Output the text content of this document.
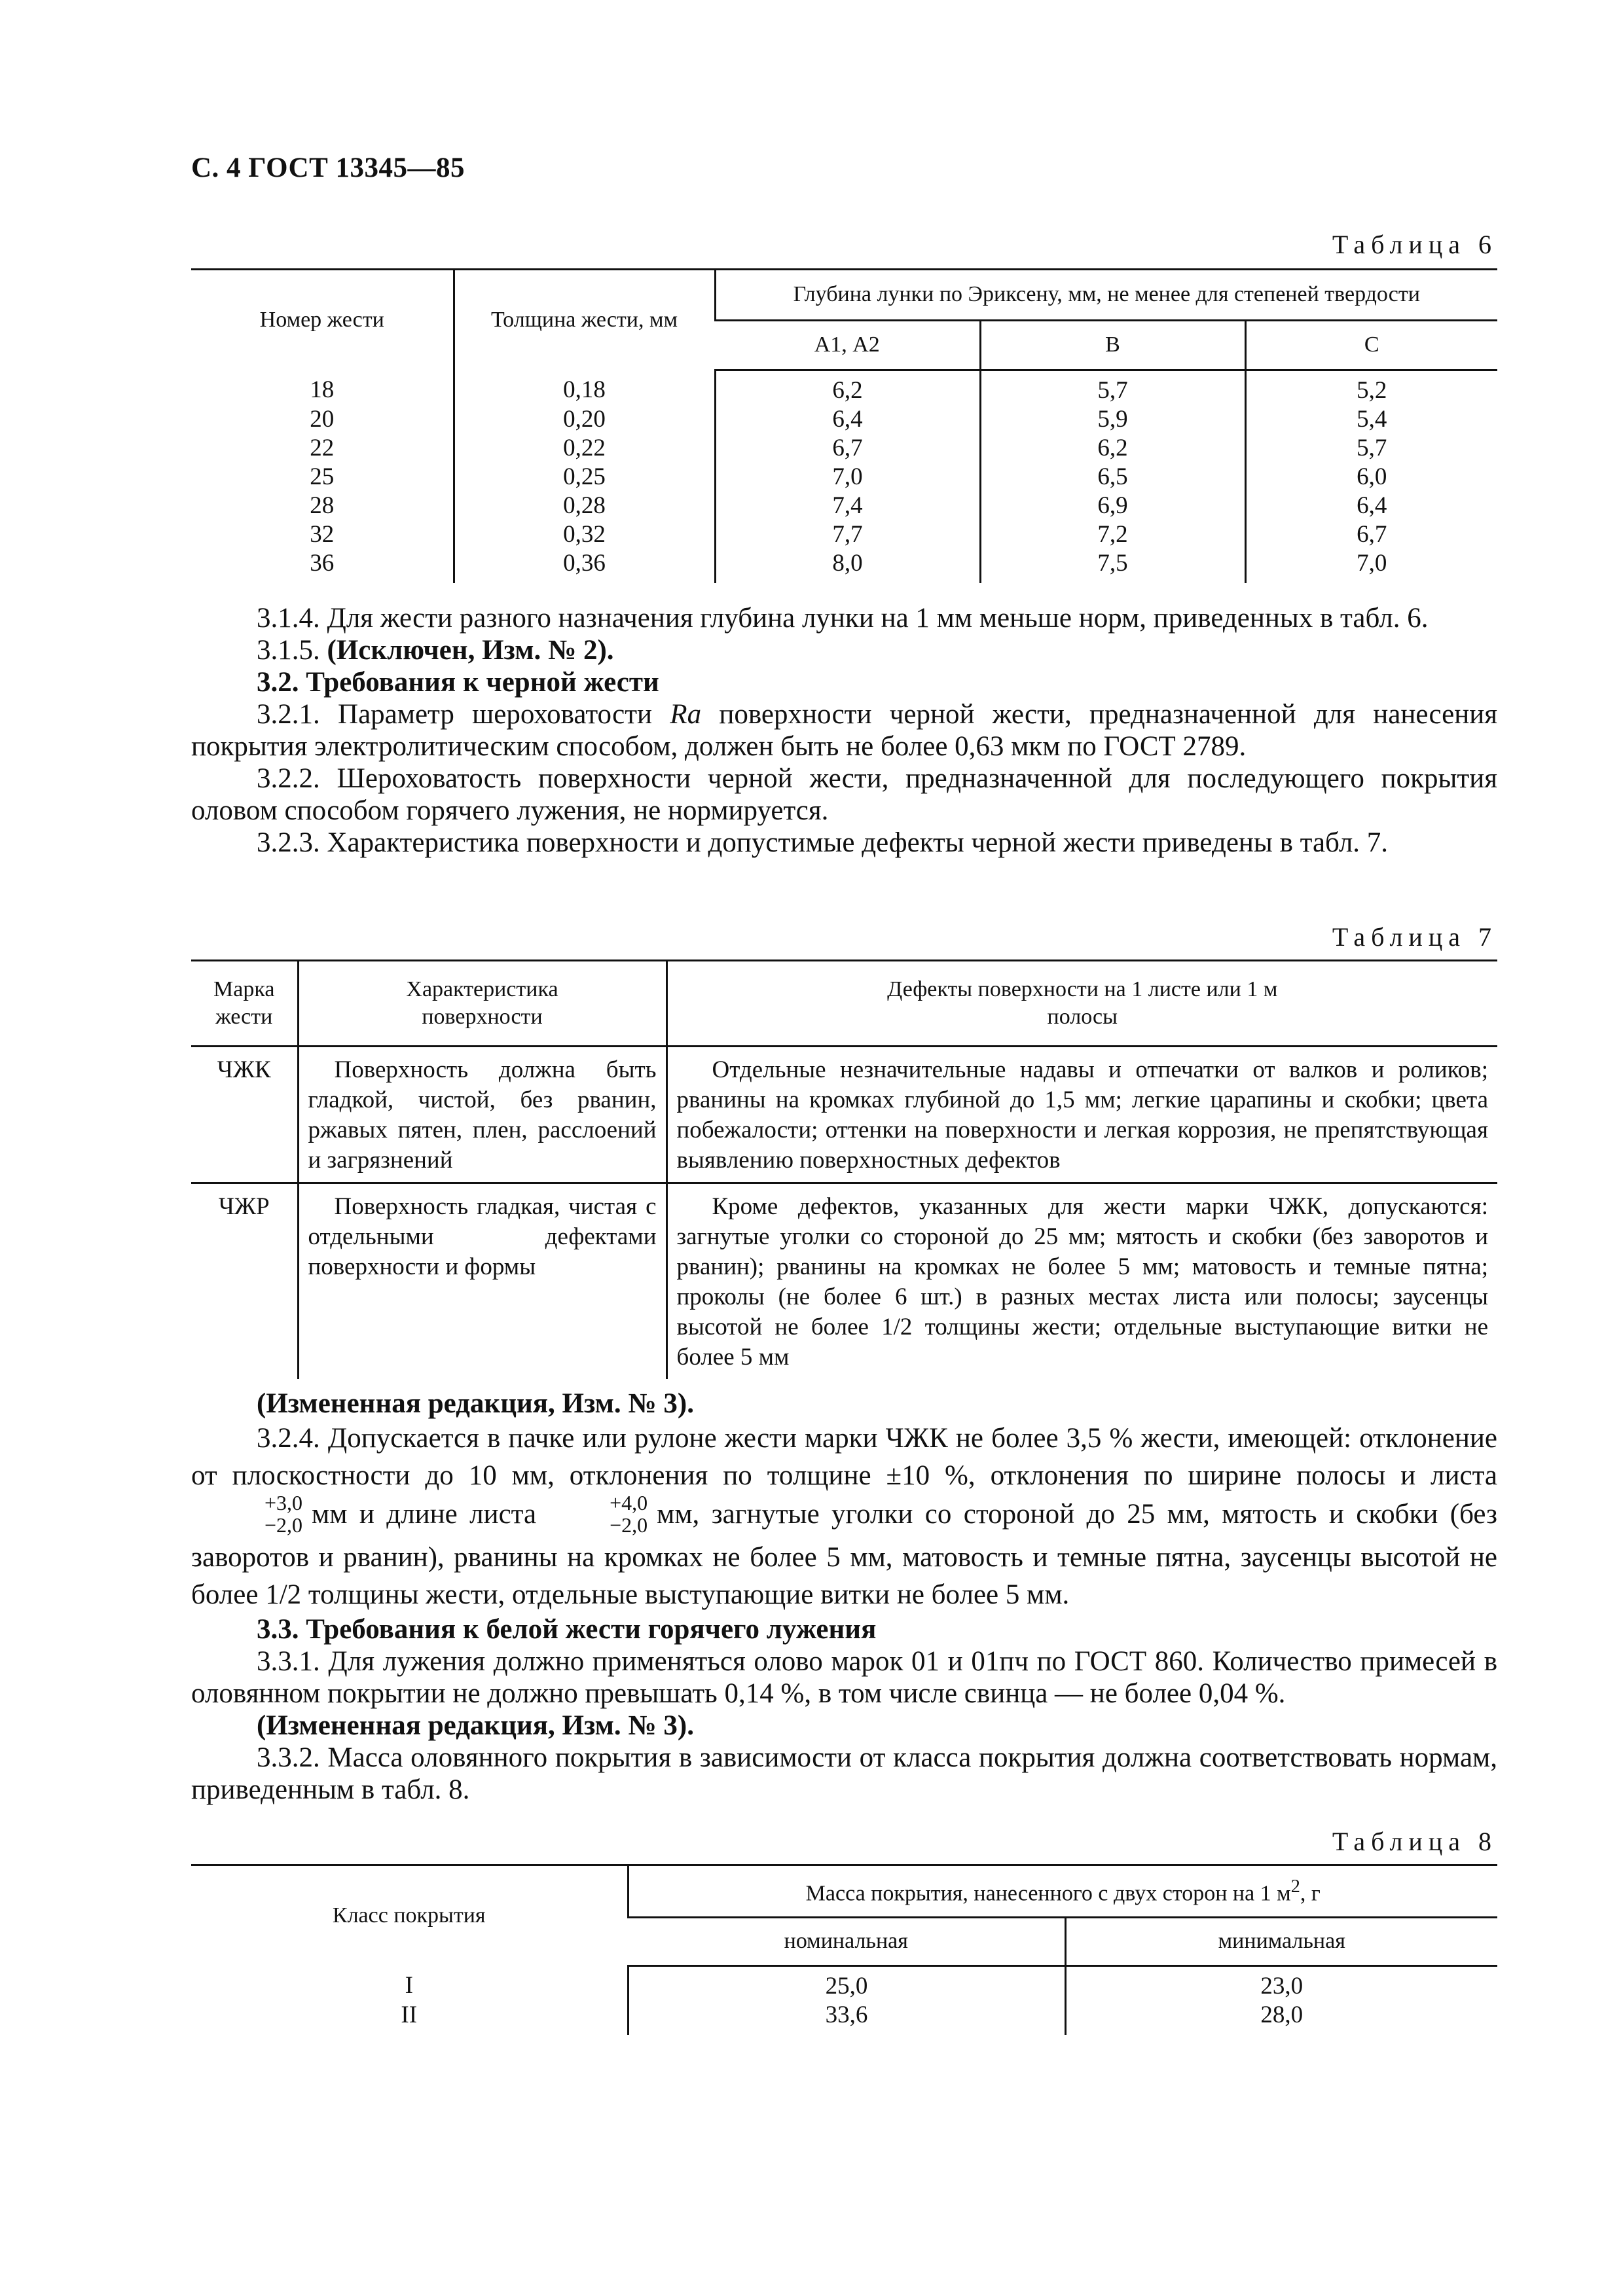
С. 4 ГОСТ 13345—85
Таблица 6
Номер жести	Толщина жести, мм	Глубина лунки по Эриксену, мм, не менее для степеней твердости		
		А1, А2	В	С
18	0,18	6,2	5,7	5,2
20	0,20	6,4	5,9	5,4
22	0,22	6,7	6,2	5,7
25	0,25	7,0	6,5	6,0
28	0,28	7,4	6,9	6,4
32	0,32	7,7	7,2	6,7
36	0,36	8,0	7,5	7,0
3.1.4. Для жести разного назначения глубина лунки на 1 мм меньше норм, приведенных в табл. 6.
3.1.5. (Исключен, Изм. № 2).
3.2. Требования к черной жести
3.2.1. Параметр шероховатости Ra поверхности черной жести, предназначенной для нанесения покрытия электролитическим способом, должен быть не более 0,63 мкм по ГОСТ 2789.
3.2.2. Шероховатость поверхности черной жести, предназначенной для последующего покрытия оловом способом горячего лужения, не нормируется.
3.2.3. Характеристика поверхности и допустимые дефекты черной жести приведены в табл. 7.
Таблица 7
Марка жести	Характеристика поверхности	Дефекты поверхности на 1 листе или 1 м полосы
ЧЖК	Поверхность должна быть гладкой, чистой, без рванин, ржавых пятен, плен, расслоений и загрязнений	Отдельные незначительные надавы и отпечатки от валков и роликов; рванины на кромках глубиной до 1,5 мм; легкие царапины и скобки; цвета побежалости; оттенки на поверхности и легкая коррозия, не препятствующая выявлению поверхностных дефектов
ЧЖР	Поверхность гладкая, чистая с отдельными дефектами поверхности и формы	Кроме дефектов, указанных для жести марки ЧЖК, допускаются: загнутые уголки со стороной до 25 мм; мятость и скобки (без заворотов и рванин); рванины на кромках не более 5 мм; матовость и темные пятна; проколы (не более 6 шт.) в разных местах листа или полосы; заусенцы высотой не более 1/2 толщины жести; отдельные выступающие витки не более 5 мм
(Измененная редакция, Изм. № 3).
3.2.4. Допускается в пачке или рулоне жести марки ЧЖК не более 3,5 % жести, имеющей: отклонение от плоскостности до 10 мм, отклонения по толщине ±10 %, отклонения по ширине полосы и листа
+3,0
−2,0 мм и длине листа	+4,0
−2,0 мм, загнутые уголки со стороной до 25 мм, мятость и скобки (без заворотов и рванин), рванины на кромках не более 5 мм, матовость и темные пятна, заусенцы высотой не более 1/2 толщины жести, отдельные выступающие витки не более 5 мм.
3.3. Требования к белой жести горячего лужения
3.3.1. Для лужения должно применяться олово марок 01 и 01пч по ГОСТ 860. Количество примесей в оловянном покрытии не должно превышать 0,14 %, в том числе свинца — не более 0,04 %.
(Измененная редакция, Изм. № 3).
3.3.2. Масса оловянного покрытия в зависимости от класса покрытия должна соответствовать нормам, приведенным в табл. 8.
Таблица 8
Класс покрытия	Масса покрытия, нанесенного с двух сторон на 1 $м^2$, г	
	номинальная	минимальная
I	25,0	23,0
II	33,6	28,0
